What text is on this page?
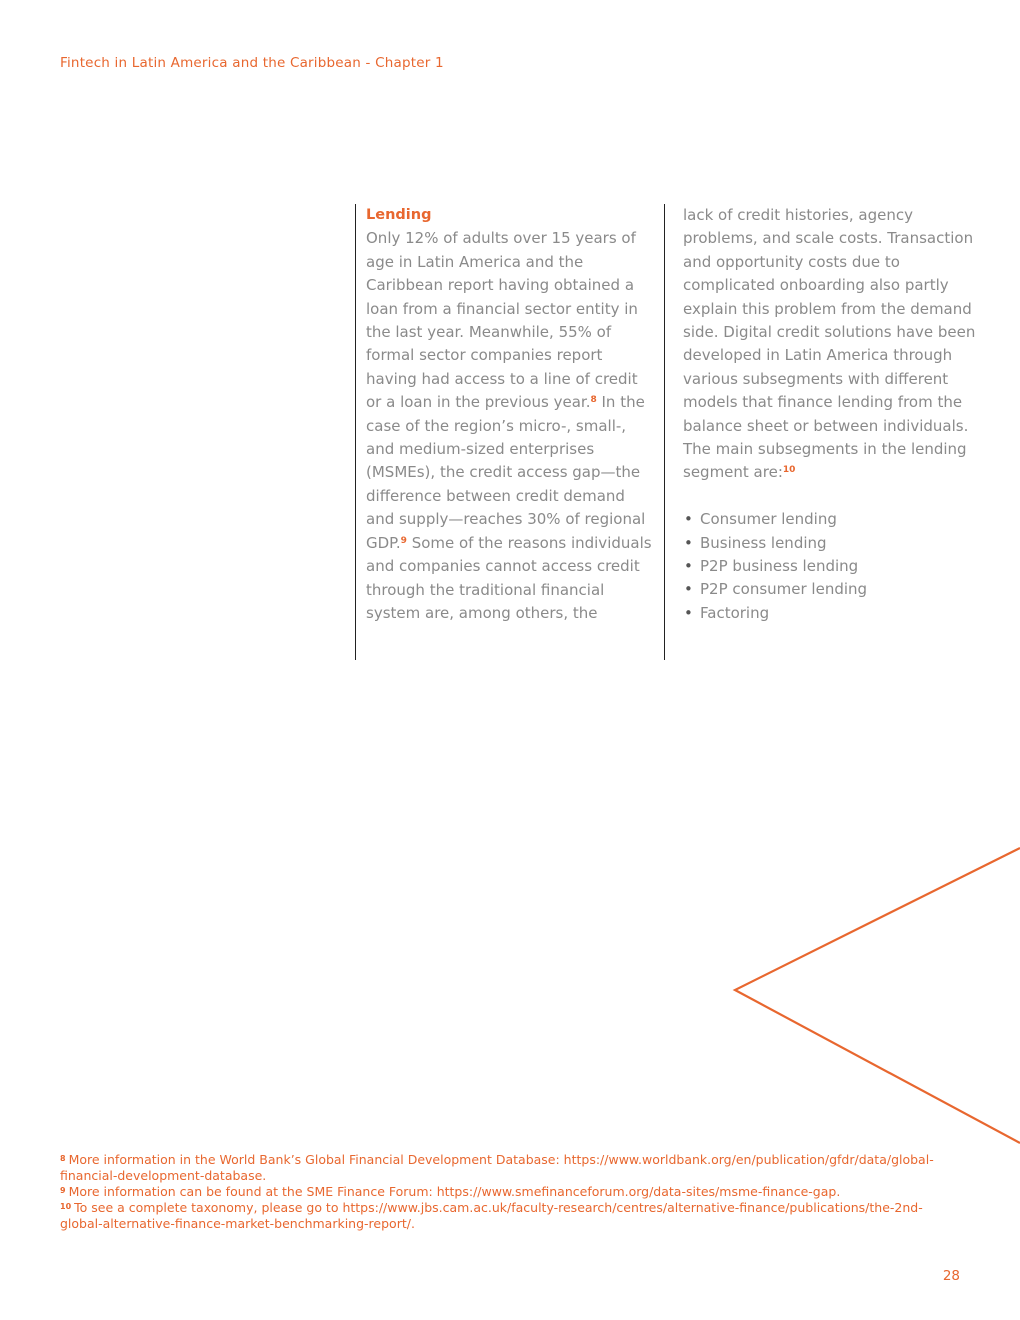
Fintech in Latin America and the Caribbean - Chapter 1

Lending

Only 12% of adults over 15 years of age in Latin America and the Caribbean report having obtained a loan from a financial sector entity in the last year. Meanwhile, 55% of formal sector companies report having had access to a line of credit or a loan in the previous year.$^8$ In the case of the region’s micro-, small-, and medium-sized enterprises (MSMEs), the credit access gap—the difference between credit demand and supply—reaches 30% of regional GDP.$^9$ Some of the reasons individuals and companies cannot access credit through the traditional financial system are, among others, the

lack of credit histories, agency problems, and scale costs. Transaction and opportunity costs due to complicated onboarding also partly explain this problem from the demand side. Digital credit solutions have been developed in Latin America through various subsegments with different models that finance lending from the balance sheet or between individuals. The main subsegments in the lending segment are:$^{10}$

• Consumer lending
• Business lending
• P2P business lending
• P2P consumer lending
• Factoring

$^8$ More information in the World Bank’s Global Financial Development Database: https://www.worldbank.org/en/publication/gfdr/data/global-financial-development-database.

$^9$ More information can be found at the SME Finance Forum: https://www.smefinanceforum.org/data-sites/msme-finance-gap.

$^{10}$ To see a complete taxonomy, please go to https://www.jbs.cam.ac.uk/faculty-research/centres/alternative-finance/publications/the-2nd-global-alternative-finance-market-benchmarking-report/.

28
